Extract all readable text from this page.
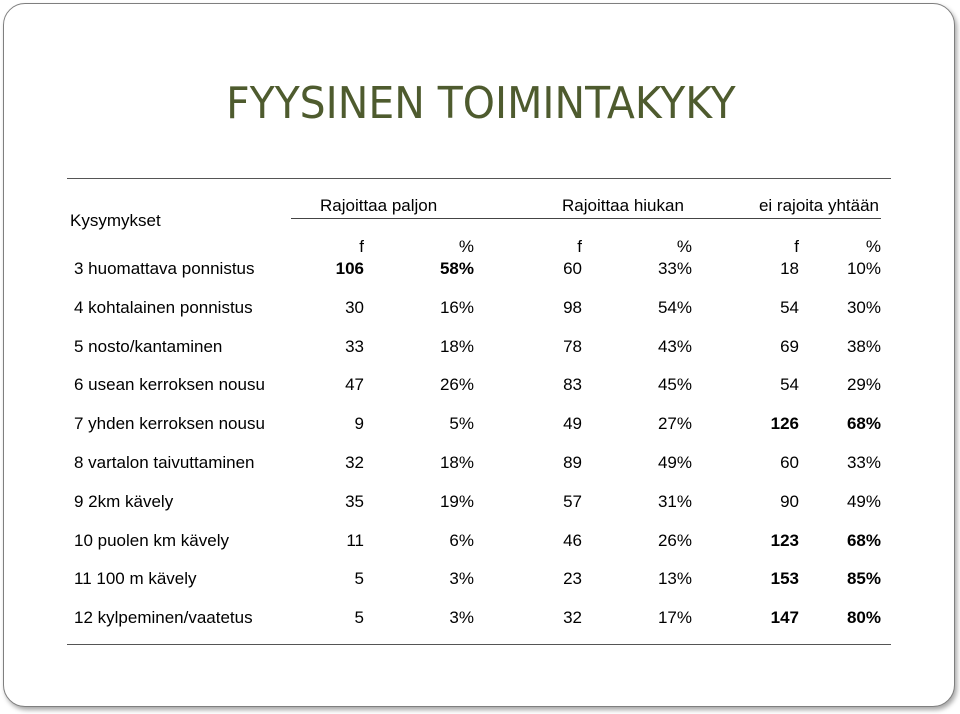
FYYSINEN TOIMINTAKYKY
Kysymykset
Rajoittaa paljon	Rajoittaa hiukan	ei rajoita yhtään
f	%	f	%	f	%
3 huomattava ponnistus	106	58%	60	33%	18	10%
4 kohtalainen ponnistus	30	16%	98	54%	54	30%
5 nosto/kantaminen	33	18%	78	43%	69	38%
6 usean kerroksen nousu	47	26%	83	45%	54	29%
7 yhden kerroksen nousu	9	5%	49	27%	126	68%
8 vartalon taivuttaminen	32	18%	89	49%	60	33%
9 2km kävely	35	19%	57	31%	90	49%
10 puolen km kävely	11	6%	46	26%	123	68%
11 100 m kävely	5	3%	23	13%	153	85%
12 kylpeminen/vaatetus	5	3%	32	17%	147	80%
